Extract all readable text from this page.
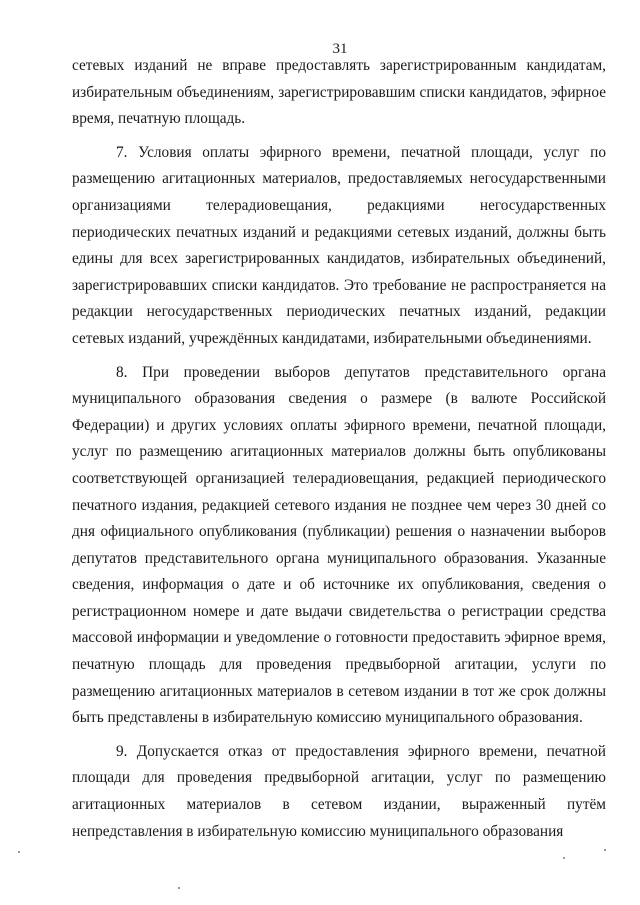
31

сетевых изданий не вправе предоставлять зарегистрированным кандидатам, избирательным объединениям, зарегистрировавшим списки кандидатов, эфирное время, печатную площадь.

7. Условия оплаты эфирного времени, печатной площади, услуг по размещению агитационных материалов, предоставляемых негосударственными организациями телерадиовещания, редакциями негосударственных периодических печатных изданий и редакциями сетевых изданий, должны быть едины для всех зарегистрированных кандидатов, избирательных объединений, зарегистрировавших списки кандидатов. Это требование не распространяется на редакции негосударственных периодических печатных изданий, редакции сетевых изданий, учреждённых кандидатами, избирательными объединениями.

8. При проведении выборов депутатов представительного органа муниципального образования сведения о размере (в валюте Российской Федерации) и других условиях оплаты эфирного времени, печатной площади, услуг по размещению агитационных материалов должны быть опубликованы соответствующей организацией телерадиовещания, редакцией периодического печатного издания, редакцией сетевого издания не позднее чем через 30 дней со дня официального опубликования (публикации) решения о назначении выборов депутатов представительного органа муниципального образования. Указанные сведения, информация о дате и об источнике их опубликования, сведения о регистрационном номере и дате выдачи свидетельства о регистрации средства массовой информации и уведомление о готовности предоставить эфирное время, печатную площадь для проведения предвыборной агитации, услуги по размещению агитационных материалов в сетевом издании в тот же срок должны быть представлены в избирательную комиссию муниципального образования.

9. Допускается отказ от предоставления эфирного времени, печатной площади для проведения предвыборной агитации, услуг по размещению агитационных материалов в сетевом издании, выраженный путём непредставления в избирательную комиссию муниципального образования
